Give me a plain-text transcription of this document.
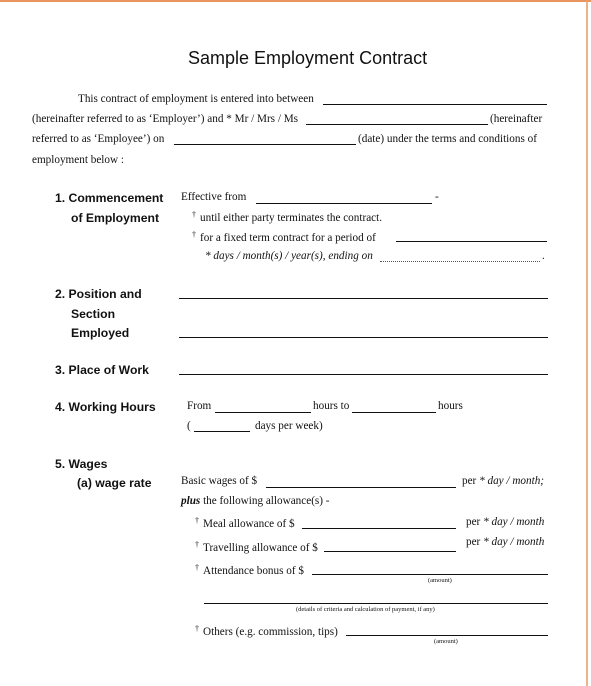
Sample Employment Contract
This contract of employment is entered into between
(hereinafter referred to as ‘Employer’) and * Mr / Mrs / Ms	(hereinafter
referred to as ‘Employee’) on	(date) under the terms and conditions of
employment below :
1. Commencement
of Employment
Effective from	-
† until either party terminates the contract.
† for a fixed term contract for a period of
* days / month(s) / year(s), ending on	.
2. Position and
Section
Employed
3. Place of Work
4. Working Hours	From	hours to	hours
(	days per week)
5. Wages
(a) wage rate	Basic wages of $	per * day / month;
plus the following allowance(s) -
† Meal allowance of $	per * day / month
† Travelling allowance of $	per * day / month
† Attendance bonus of $
(amount)
(details of criteria and calculation of payment, if any)
† Others (e.g. commission, tips)
(amount)
